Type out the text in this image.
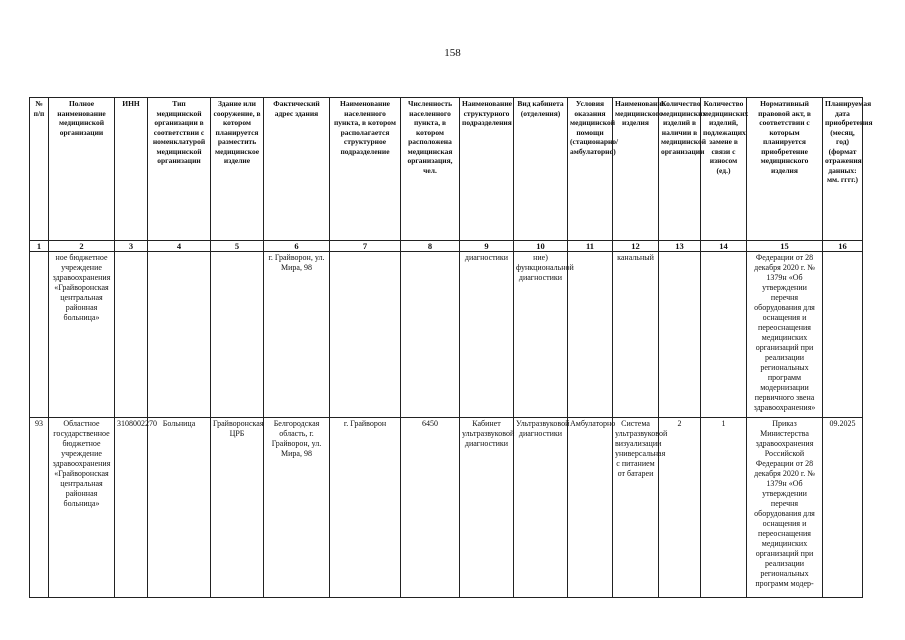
158
№ п/п	Полное наименование медицинской организации	ИНН	Тип медицинской организации в соответствии с номенклатурой медицинской организации	Здание или сооружение, в котором планируется разместить медицинское изделие	Фактический адрес здания	Наименование населенного пункта, в котором располагается структурное подразделение	Численность населенного пункта, в котором расположена медицинская организация, чел.	Наименование структурного подразделения	Вид кабинета (отделения)	Условия оказания медицинской помощи (стационарно/ амбулаторно)	Наименование медицинского изделия	Количество медицинских изделий в наличии в медицинской организации	Количество медицинских изделий, подлежащих замене в связи с износом (ед.)	Нормативный правовой акт, в соответствии с которым планируется приобретение медицинского изделия	Планируемая дата приобретения (месяц, год) (формат отражения данных: мм. гггг.)
1	2	3	4	5	6	7	8	9	10	11	12	13	14	15	16
	ное бюджетное учреждение здравоохранения «Грайворонская центральная районная больница»				г. Грайворон, ул. Мира, 98			диагностики	ние) функциональной диагностики		канальный			Федерации от 28 декабря 2020 г. № 1379н «Об утверждении перечня оборудования для оснащения и переоснащения медицинских организаций при реализации региональных программ модернизации первичного звена здравоохранения»	
93	Областное государственное бюджетное учреждение здравоохранения «Грайворонская центральная районная больница»	3108002270	Больница	Грайворонская ЦРБ	Белгородская область, г. Грайворон, ул. Мира, 98	г. Грайворон	6450	Кабинет ультразвуковой диагностики	Ультразвуковой диагностики	Амбулаторно	Система ультразвуковой визуализации универсальная с питанием от батареи	2	1	Приказ Министерства здравоохранения Российской Федерации от 28 декабря 2020 г. № 1379н «Об утверждении перечня оборудования для оснащения и переоснащения медицинских организаций при реализации региональных программ модер-	09.2025
